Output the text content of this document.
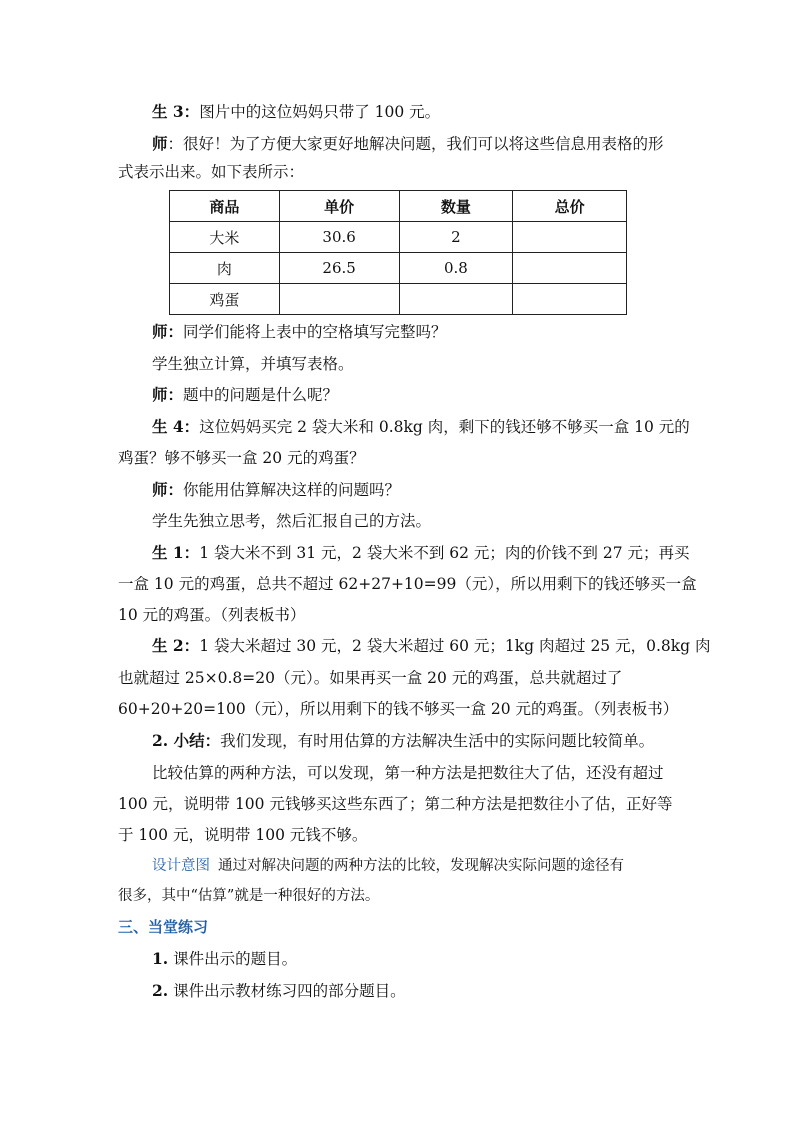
生 3：图片中的这位妈妈只带了 100 元。
师：很好！为了方便大家更好地解决问题，我们可以将这些信息用表格的形
式表示出来。如下表所示：
商品	单价	数量	总价
大米	30.6	2	
肉	26.5	0.8	
鸡蛋			
师：同学们能将上表中的空格填写完整吗？
学生独立计算，并填写表格。
师：题中的问题是什么呢？
生 4：这位妈妈买完 2 袋大米和 0.8kg 肉，剩下的钱还够不够买一盒 10 元的
鸡蛋？够不够买一盒 20 元的鸡蛋？
师：你能用估算解决这样的问题吗？
学生先独立思考，然后汇报自己的方法。
生 1：1 袋大米不到 31 元，2 袋大米不到 62 元；肉的价钱不到 27 元；再买
一盒 10 元的鸡蛋，总共不超过 62+27+10=99（元），所以用剩下的钱还够买一盒
10 元的鸡蛋。（列表板书）
生 2：1 袋大米超过 30 元，2 袋大米超过 60 元；1kg 肉超过 25 元，0.8kg 肉
也就超过 25×0.8=20（元）。如果再买一盒 20 元的鸡蛋，总共就超过了
60+20+20=100（元），所以用剩下的钱不够买一盒 20 元的鸡蛋。（列表板书）
2. 小结：我们发现，有时用估算的方法解决生活中的实际问题比较简单。
比较估算的两种方法，可以发现，第一种方法是把数往大了估，还没有超过
100 元，说明带 100 元钱够买这些东西了；第二种方法是把数往小了估，正好等
于 100 元，说明带 100 元钱不够。
设计意图 通过对解决问题的两种方法的比较，发现解决实际问题的途径有
很多，其中“估算”就是一种很好的方法。
三、当堂练习
1. 课件出示的题目。
2. 课件出示教材练习四的部分题目。
